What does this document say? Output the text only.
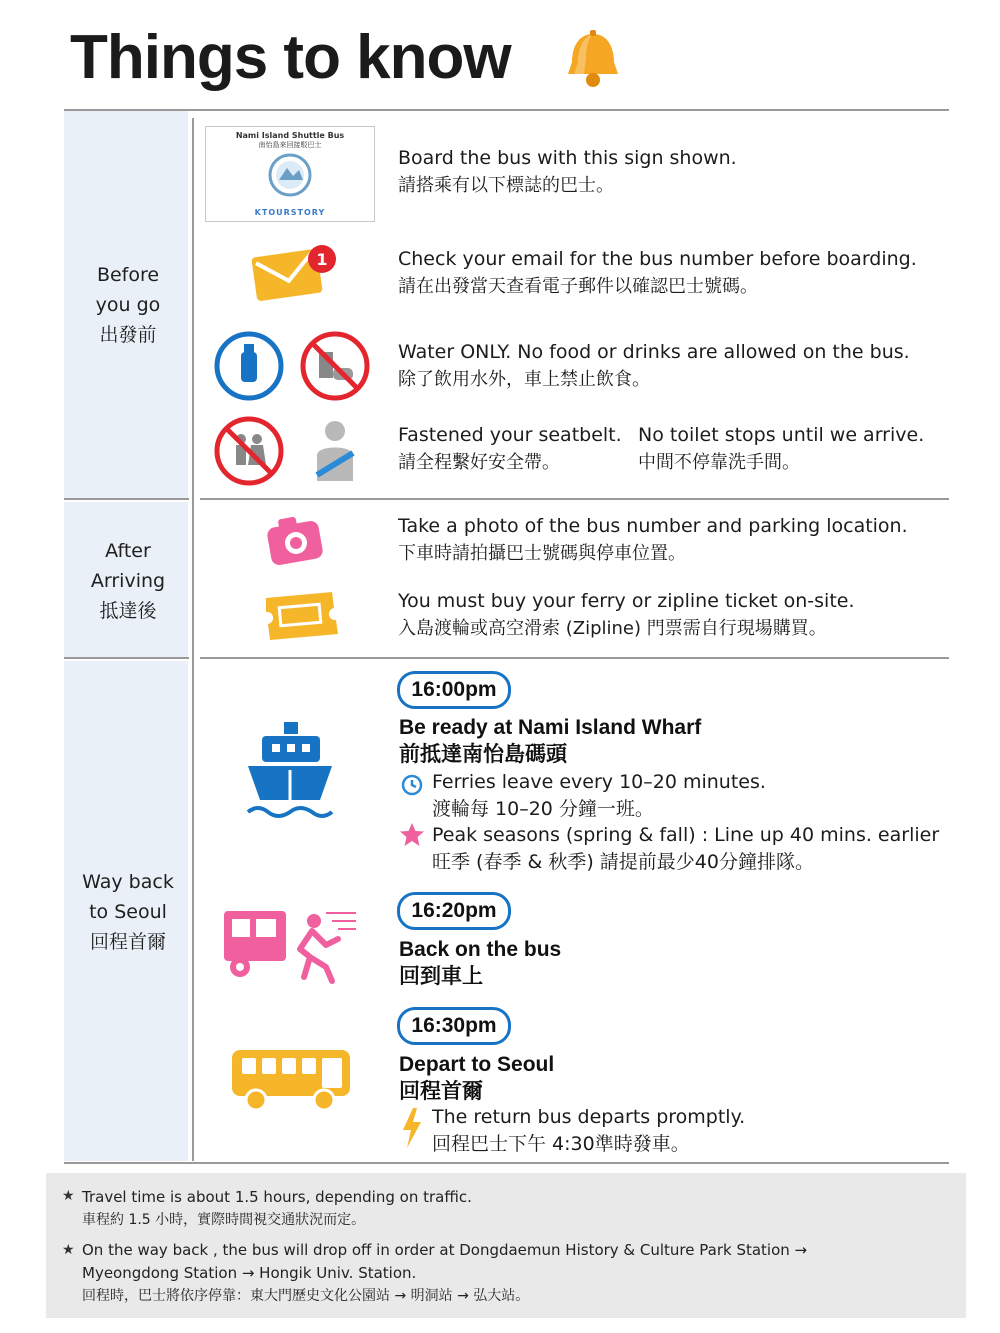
Things to know
Before
you go
出發前
After
Arriving
抵達後
Way back
to Seoul
回程首爾
Nami Island Shuttle Bus
南怡島來回接駁巴士
KTOURSTORY
Board the bus with this sign shown.
請搭乘有以下標誌的巴士。
1	Check your email for the bus number before boarding.
請在出發當天查看電子郵件以確認巴士號碼。
Water ONLY. No food or drinks are allowed on the bus.
除了飲用水外，車上禁止飲食。
Fastened your seatbelt.
請全程繫好安全帶。
No toilet stops until we arrive.
中間不停靠洗手間。
Take a photo of the bus number and parking location.
下車時請拍攝巴士號碼與停車位置。
You must buy your ferry or zipline ticket on-site.
入島渡輪或高空滑索 (Zipline) 門票需自行現場購買。
16:00pm
Be ready at Nami Island Wharf
前抵達南怡島碼頭
Ferries leave every 10–20 minutes.
渡輪每 10–20 分鐘一班。
Peak seasons (spring & fall) : Line up 40 mins. earlier
旺季 (春季 & 秋季) 請提前最少40分鐘排隊。
16:20pm
Back on the bus
回到車上
16:30pm
Depart to Seoul
回程首爾
The return bus departs promptly.
回程巴士下午 4:30準時發車。
★ Travel time is about 1.5 hours, depending on traffic.
車程約 1.5 小時，實際時間視交通狀況而定。
★ On the way back , the bus will drop off in order at Dongdaemun History & Culture Park Station →
Myeongdong Station → Hongik Univ. Station.
回程時，巴士將依序停靠：東大門歷史文化公園站 → 明洞站 → 弘大站。
